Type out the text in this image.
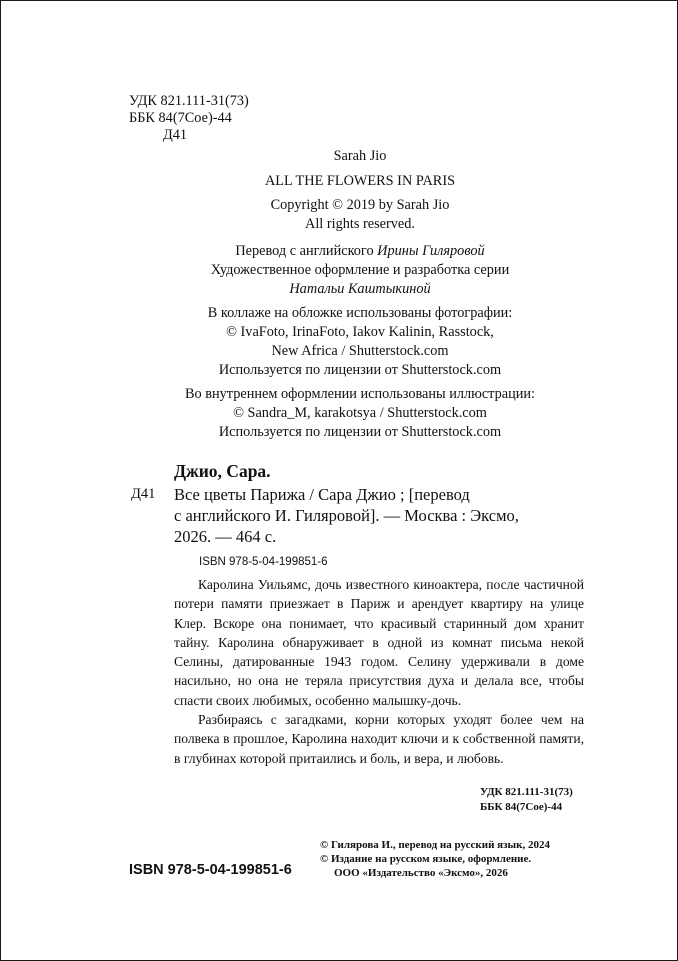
УДК 821.111-31(73)
ББК 84(7Сое)-44
Д41
Sarah Jio
ALL THE FLOWERS IN PARIS
Copyright © 2019 by Sarah Jio
All rights reserved.
Перевод с английского Ирины Гиляровой
Художественное оформление и разработка серии
Натальи Каштыкиной
В коллаже на обложке использованы фотографии:
© IvaFoto, IrinaFoto, Iakov Kalinin, Rasstock,
New Africa / Shutterstock.com
Используется по лицензии от Shutterstock.com
Во внутреннем оформлении использованы иллюстрации:
© Sandra_M, karakotsya / Shutterstock.com
Используется по лицензии от Shutterstock.com
Джио, Сара.
Д41 Все цветы Парижа / Сара Джио ; [перевод
с английского И. Гиляровой]. — Москва : Эксмо,
2026. — 464 с.
ISBN 978-5-04-199851-6

Каролина Уильямс, дочь известного киноактера, после частичной потери памяти приезжает в Париж и арендует квартиру на улице Клер. Вскоре она понимает, что красивый старинный дом хранит тайну. Каролина обнаруживает в одной из комнат письма некой Селины, датированные 1943 годом. Селину удерживали в доме насильно, но она не теряла присутствия духа и делала все, чтобы спасти своих любимых, особенно малышку-дочь.

Разбираясь с загадками, корни которых уходят более чем на полвека в прошлое, Каролина находит ключи и к собственной памяти, в глубинах которой притаились и боль, и вера, и любовь.

УДК 821.111-31(73)
ББК 84(7Сое)-44
© Гилярова И., перевод на русский язык, 2024
© Издание на русском языке, оформление.
ООО «Издательство «Эксмо», 2026
ISBN 978-5-04-199851-6
